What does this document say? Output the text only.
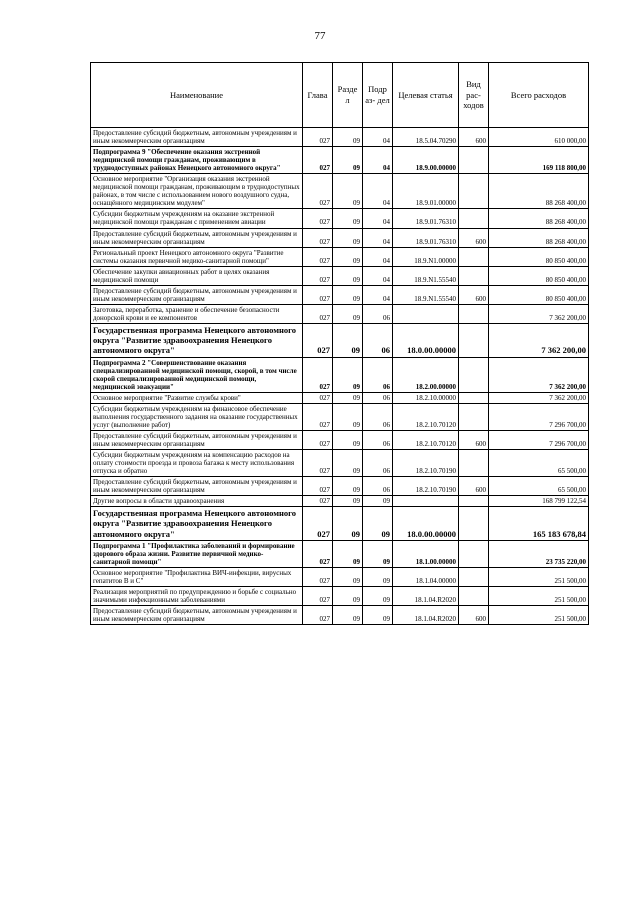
77
Наименование	Глава	Разде л	Подр аз- дел	Целевая статья	Вид рас- ходов	Всего расходов
Предоставление субсидий бюджетным, автономным учреждениям и иным некоммерческим организациям	027	09	04	18.5.04.70290	600	610 000,00
Подпрограмма 9 "Обеспечение оказания экстренной медицинской помощи гражданам, проживающим в труднодоступных районах Ненецкого автономного округа"	027	09	04	18.9.00.00000		169 118 800,00
Основное мероприятие "Организация оказания экстренной медицинской помощи гражданам, проживающим в труднодоступных районах, в том числе с использованием нового воздушного судна, оснащённого медицинским модулем"	027	09	04	18.9.01.00000		88 268 400,00
Субсидии бюджетным учреждениям на оказание экстренной медицинской помощи гражданам с применением авиации	027	09	04	18.9.01.76310		88 268 400,00
Предоставление субсидий бюджетным, автономным учреждениям и иным некоммерческим организациям	027	09	04	18.9.01.76310	600	88 268 400,00
Региональный проект Ненецкого автономного округа "Развитие системы оказания первичной медико-санитарной помощи"	027	09	04	18.9.N1.00000		80 850 400,00
Обеспечение закупки авиационных работ в целях оказания медицинской помощи	027	09	04	18.9.N1.55540		80 850 400,00
Предоставление субсидий бюджетным, автономным учреждениям и иным некоммерческим организациям	027	09	04	18.9.N1.55540	600	80 850 400,00
Заготовка, переработка, хранение и обеспечение безопасности донорской крови и ее компонентов	027	09	06			7 362 200,00
Государственная программа Ненецкого автономного округа "Развитие здравоохранения Ненецкого автономного округа"	027	09	06	18.0.00.00000		7 362 200,00
Подпрограмма 2 "Совершенствование оказания специализированной медицинской помощи, скорой, в том числе скорой специализированной медицинской помощи, медицинской эвакуации"	027	09	06	18.2.00.00000		7 362 200,00
Основное мероприятие "Развитие службы крови"	027	09	06	18.2.10.00000		7 362 200,00
Субсидии бюджетным учреждениям на финансовое обеспечение выполнения государственного задания на оказание государственных услуг (выполнение работ)	027	09	06	18.2.10.70120		7 296 700,00
Предоставление субсидий бюджетным, автономным учреждениям и иным некоммерческим организациям	027	09	06	18.2.10.70120	600	7 296 700,00
Субсидии бюджетным учреждениям на компенсацию расходов на оплату стоимости проезда и провоза багажа к месту использования отпуска и обратно	027	09	06	18.2.10.70190		65 500,00
Предоставление субсидий бюджетным, автономным учреждениям и иным некоммерческим организациям	027	09	06	18.2.10.70190	600	65 500,00
Другие вопросы в области здравоохранения	027	09	09			168 799 122,54
Государственная программа Ненецкого автономного округа "Развитие здравоохранения Ненецкого автономного округа"	027	09	09	18.0.00.00000		165 183 678,84
Подпрограмма 1 "Профилактика заболеваний и формирование здорового образа жизни. Развитие первичной медико-санитарной помощи"	027	09	09	18.1.00.00000		23 735 220,00
Основное мероприятие "Профилактика ВИЧ-инфекции, вирусных гепатитов В и С"	027	09	09	18.1.04.00000		251 500,00
Реализация мероприятий по предупреждению и борьбе с социально значимыми инфекционными заболеваниями	027	09	09	18.1.04.R2020		251 500,00
Предоставление субсидий бюджетным, автономным учреждениям и иным некоммерческим организациям	027	09	09	18.1.04.R2020	600	251 500,00
